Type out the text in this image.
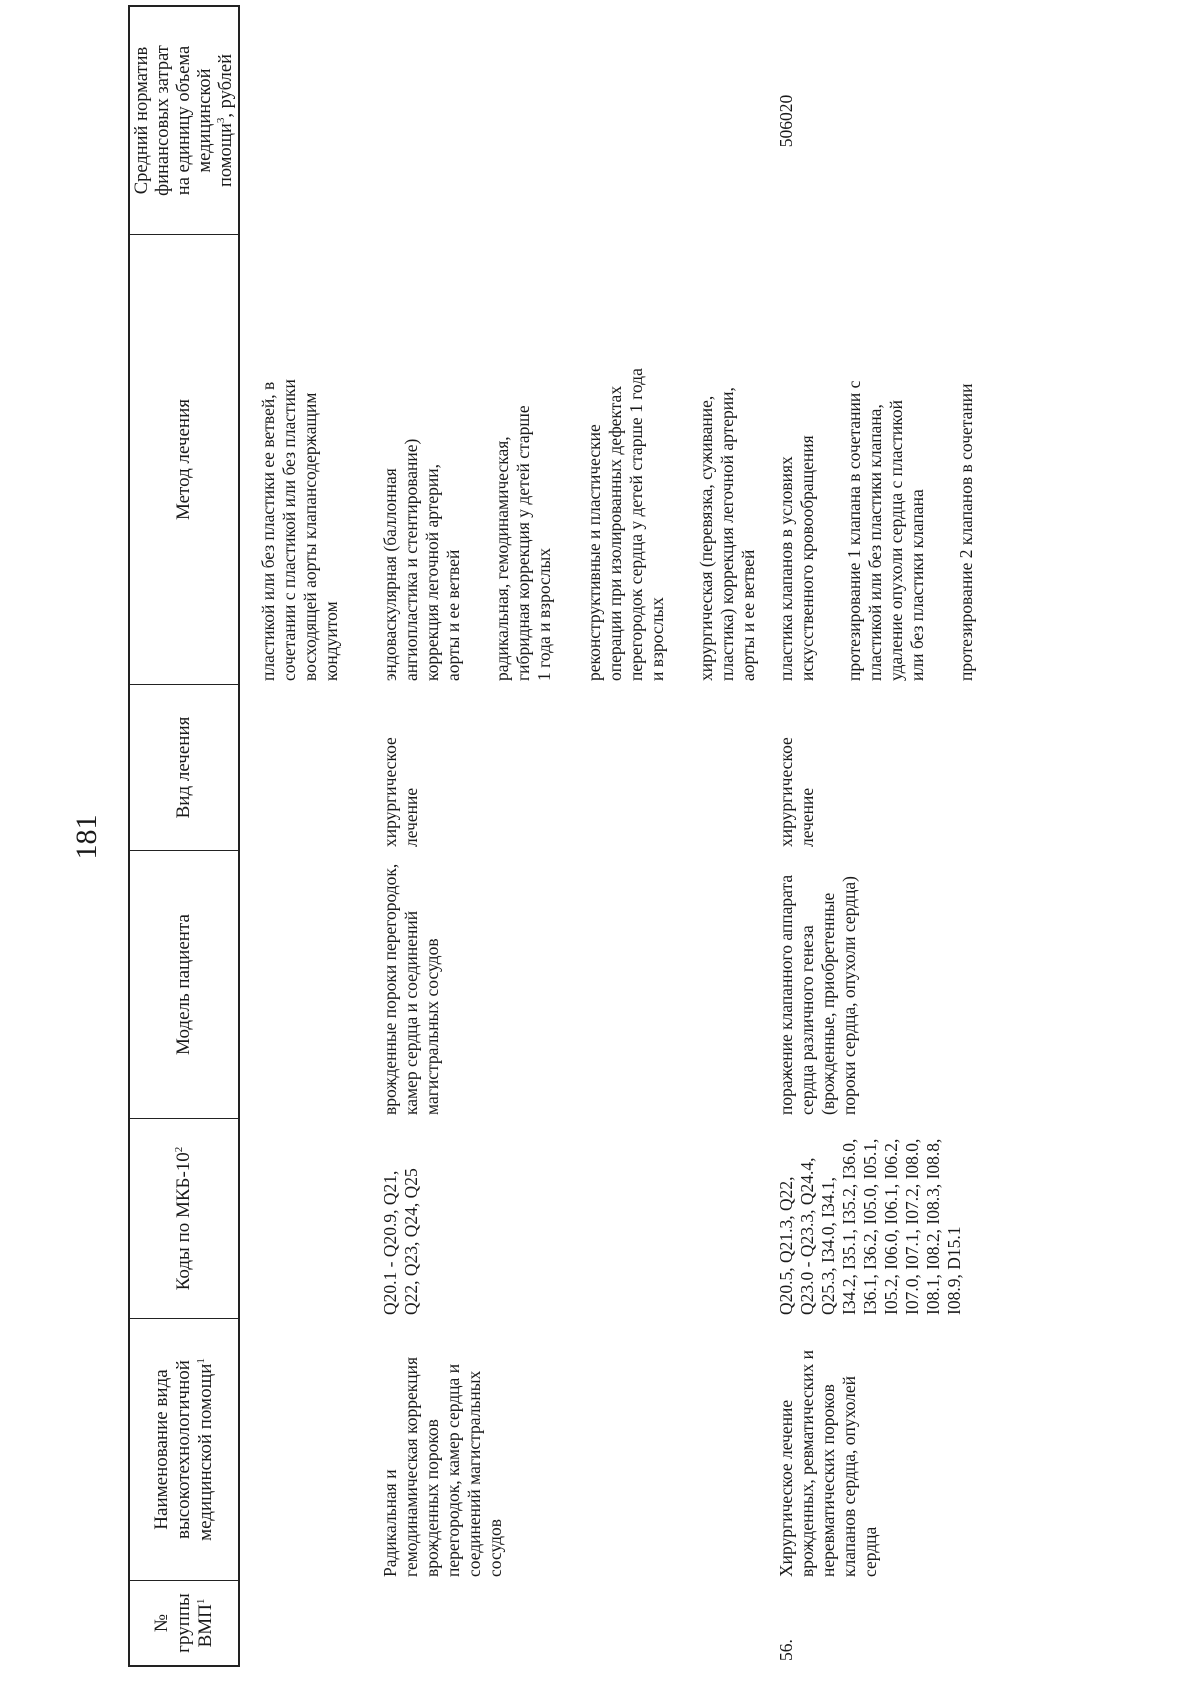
181
№
группы
ВМП$^1$
Наименование вида
высокотехнологичной
медицинской помощи$^1$
Коды по МКБ-$10^2$
Модель пациента
Вид лечения
Метод лечения
Средний норматив
финансовых затрат
на единицу объема
медицинской
помощи$^3$, рублей
пластикой или без пластики ее ветвей, в
сочетании с пластикой или без пластики
восходящей аорты клапансодержащим
кондуитом
Радикальная и
гемодинамическая коррекция
врожденных пороков
перегородок, камер сердца и
соединений магистральных
сосудов
Q20.1 - Q20.9, Q21,
Q22, Q23, Q24, Q25
врожденные пороки перегородок,
камер сердца и соединений
магистральных сосудов
хирургическое
лечение
эндоваскулярная (баллонная
ангиопластика и стентирование)
коррекция легочной артерии,
аорты и ее ветвей
радикальная, гемодинамическая,
гибридная коррекция у детей старше
1 года и взрослых реконструктивные и пластические
операции при изолированных дефектах
перегородок сердца у детей старше 1 года
и взрослых хирургическая (перевязка, суживание,
пластика) коррекция легочной артерии,
aорты и ее ветвей
56.
Хирургическое лечение
врожденных, ревматических и
неревматических пороков
клапанов сердца, опухолей
сердца
Q20.5, Q21.3, Q22,
Q23.0 - Q23.3, Q24.4,
Q25.3, I34.0, I34.1,
I34.2, I35.1, I35.2, I36.0,
I36.1, I36.2, I05.0, I05.1,
I05.2, I06.0, I06.1, I06.2,
I07.0, I07.1, I07.2, I08.0,
I08.1, I08.2, I08.3, I08.8,
I08.9, D15.1
поражение клапанного аппарата
сердца различного генеза
(врожденные, приобретенные
пороки сердца, опухоли сердца)
хирургическое
лечение
пластика клапанов в условиях
искусственного кровообращения
протезирование 1 клапана в сочетании с
пластикой или без пластики клапана,
удаление опухоли сердца с пластикой
или без пластики клапана протезирование 2 клапанов в сочетании
506020
